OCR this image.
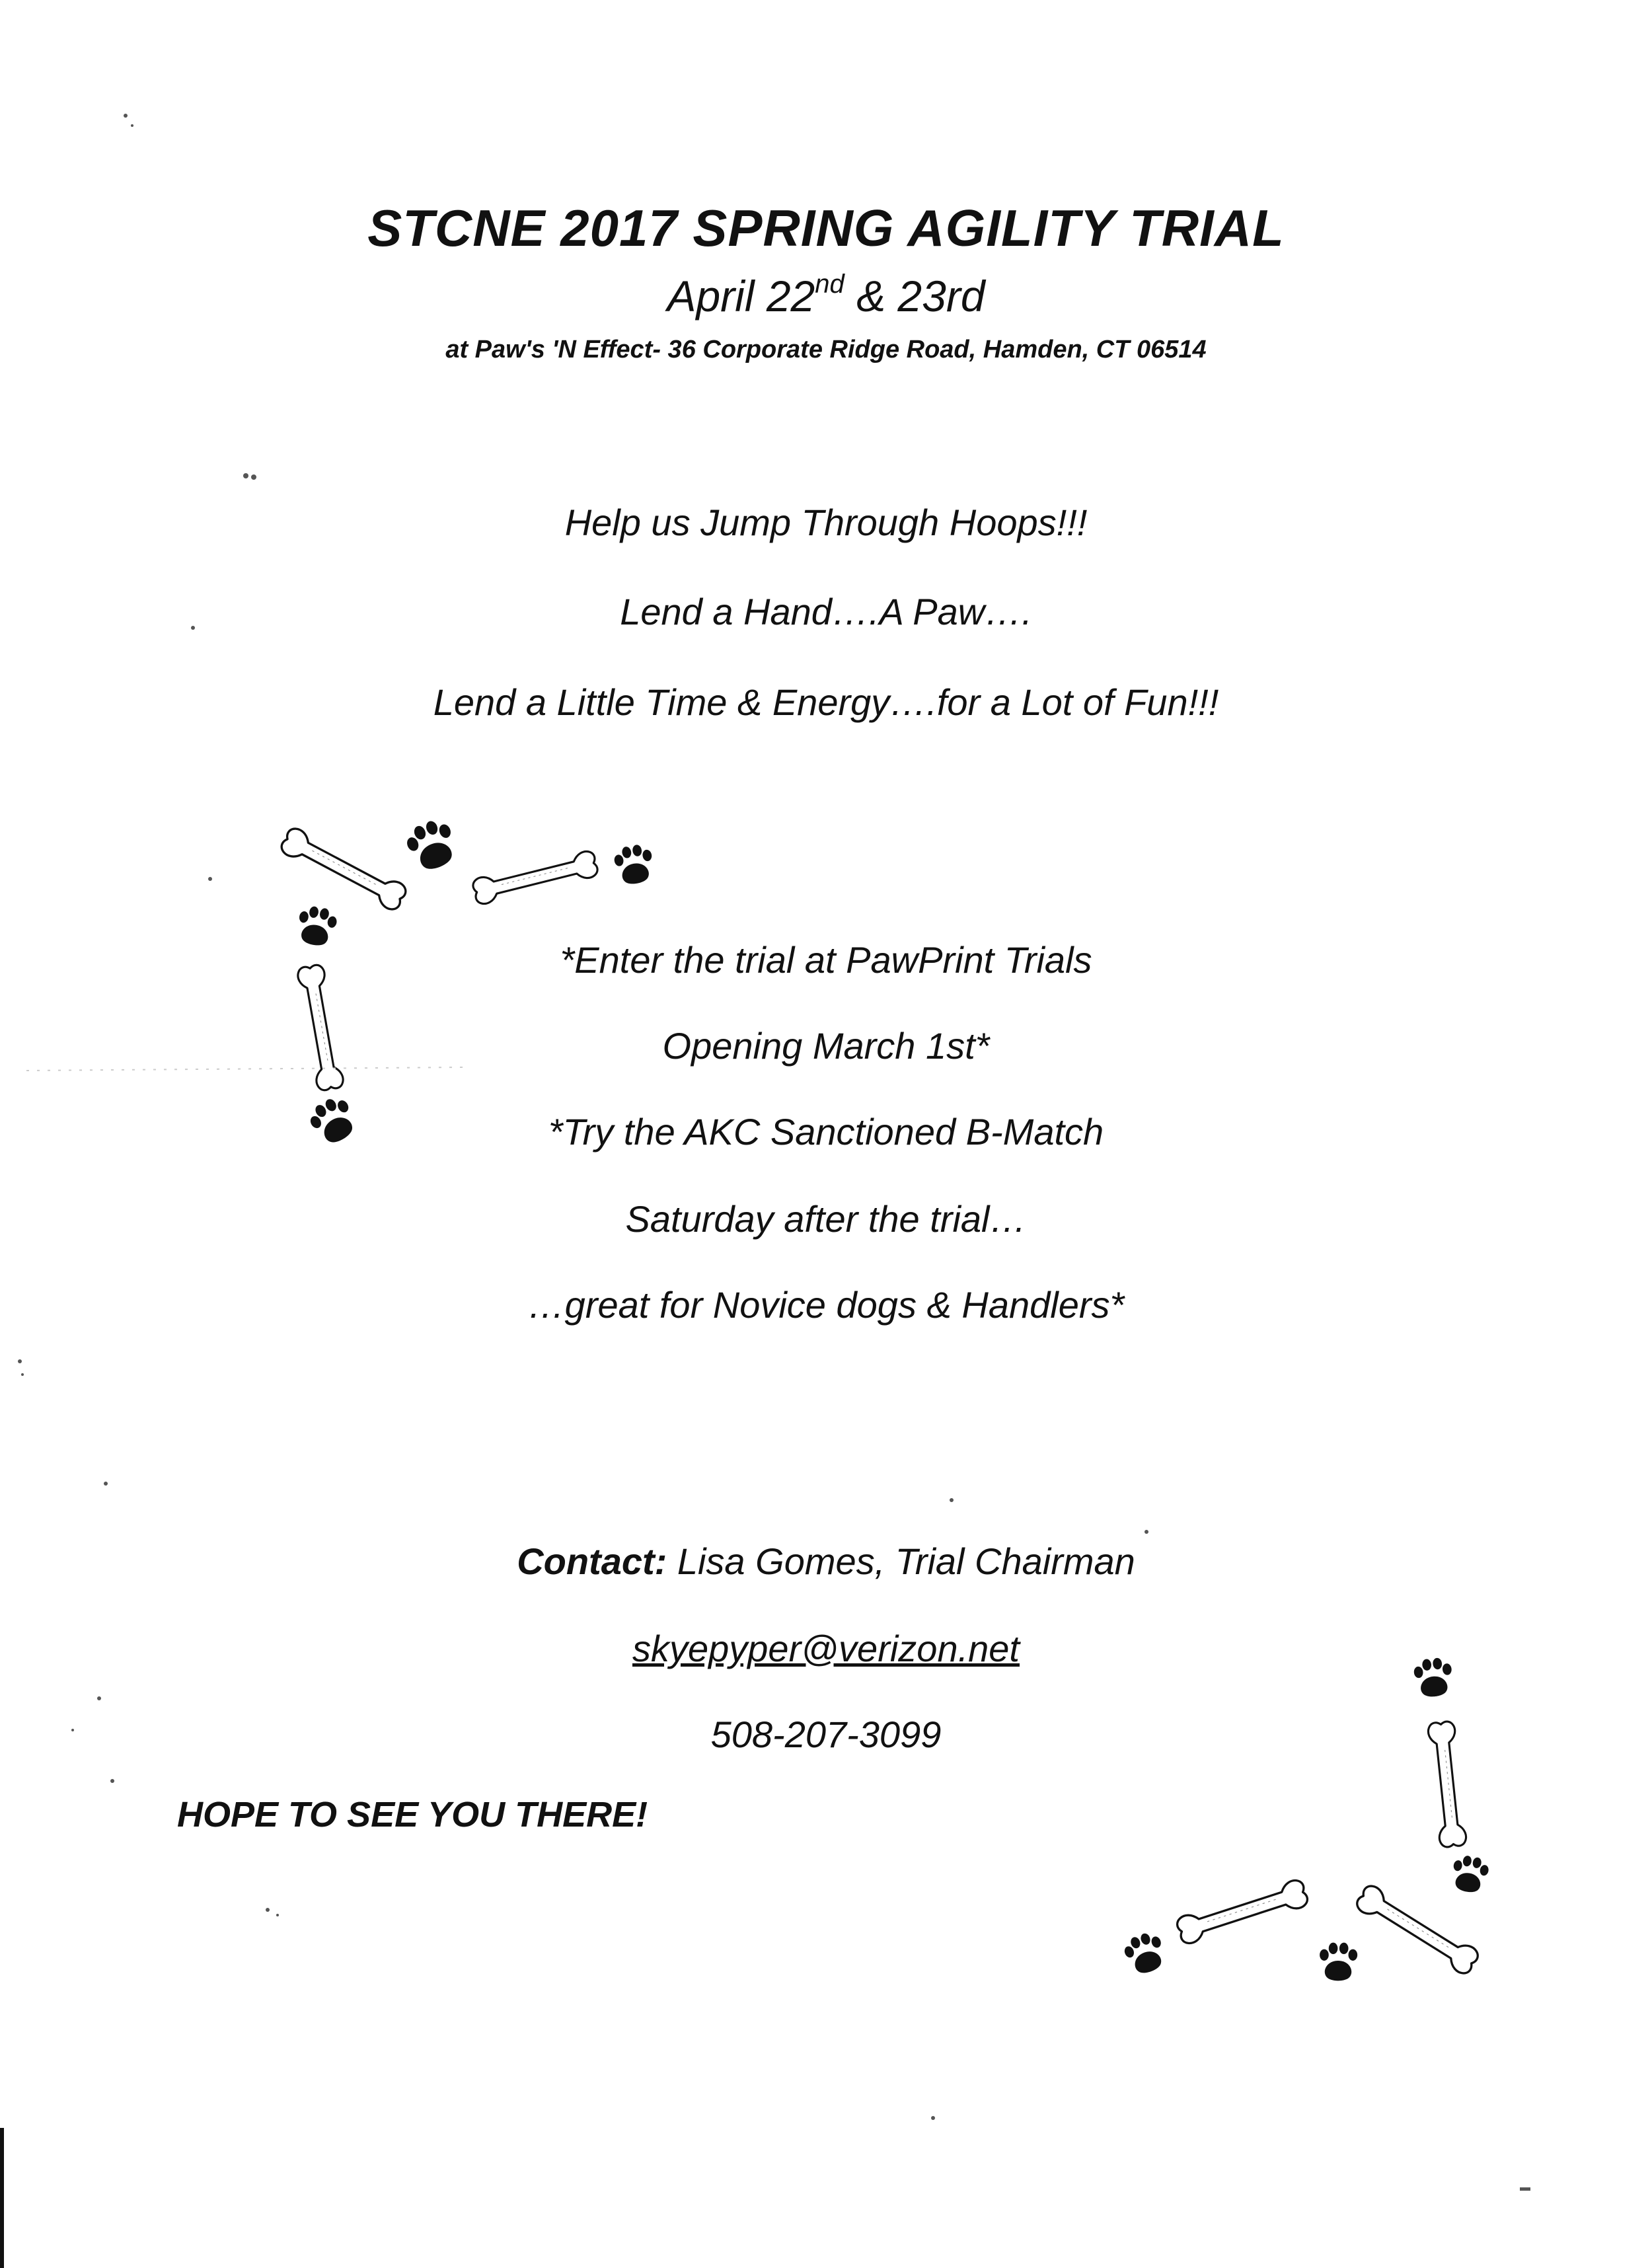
STCNE 2017 SPRING AGILITY TRIAL
April 22nd & 23rd
at Paw's 'N Effect- 36 Corporate Ridge Road, Hamden, CT 06514
Help us Jump Through Hoops!!!
Lend a Hand….A Paw….
Lend a Little Time & Energy….for a Lot of Fun!!!
*Enter the trial at PawPrint Trials
Opening March 1st*
*Try the AKC Sanctioned B-Match
Saturday after the trial…
…great for Novice dogs & Handlers*
Contact: Lisa Gomes, Trial Chairman
skyepyper@verizon.net
508-207-3099
HOPE TO SEE YOU THERE!
